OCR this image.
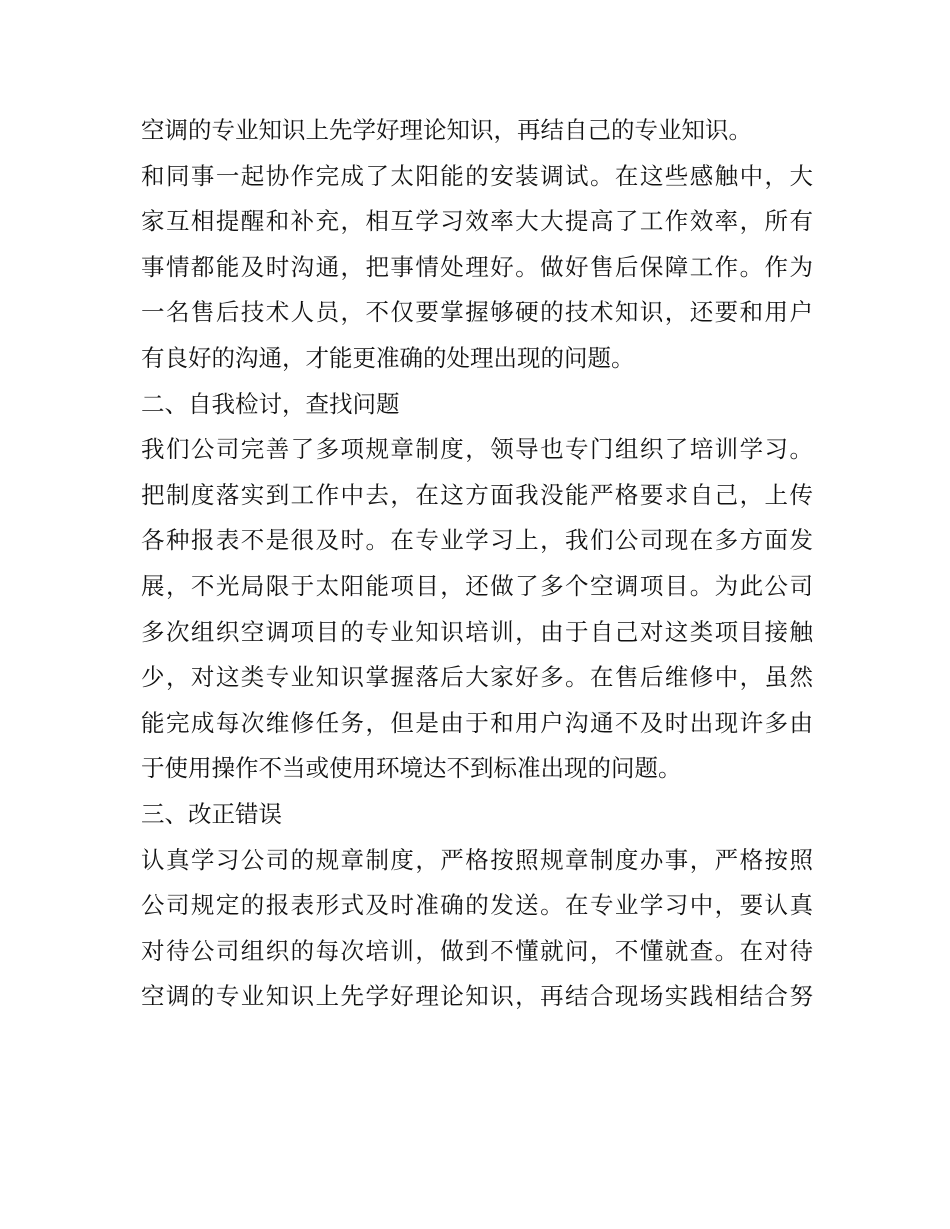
空调的专业知识上先学好理论知识，再结自己的专业知识。
和同事一起协作完成了太阳能的安装调试。在这些感触中，大
家互相提醒和补充，相互学习效率大大提高了工作效率，所有
事情都能及时沟通，把事情处理好。做好售后保障工作。作为
一名售后技术人员，不仅要掌握够硬的技术知识，还要和用户
有良好的沟通，才能更准确的处理出现的问题。
二、自我检讨，查找问题
我们公司完善了多项规章制度，领导也专门组织了培训学习。
把制度落实到工作中去，在这方面我没能严格要求自己，上传
各种报表不是很及时。在专业学习上，我们公司现在多方面发
展，不光局限于太阳能项目，还做了多个空调项目。为此公司
多次组织空调项目的专业知识培训，由于自己对这类项目接触
少，对这类专业知识掌握落后大家好多。在售后维修中，虽然
能完成每次维修任务，但是由于和用户沟通不及时出现许多由
于使用操作不当或使用环境达不到标准出现的问题。
三、改正错误
认真学习公司的规章制度，严格按照规章制度办事，严格按照
公司规定的报表形式及时准确的发送。在专业学习中，要认真
对待公司组织的每次培训，做到不懂就问，不懂就查。在对待
空调的专业知识上先学好理论知识，再结合现场实践相结合努
